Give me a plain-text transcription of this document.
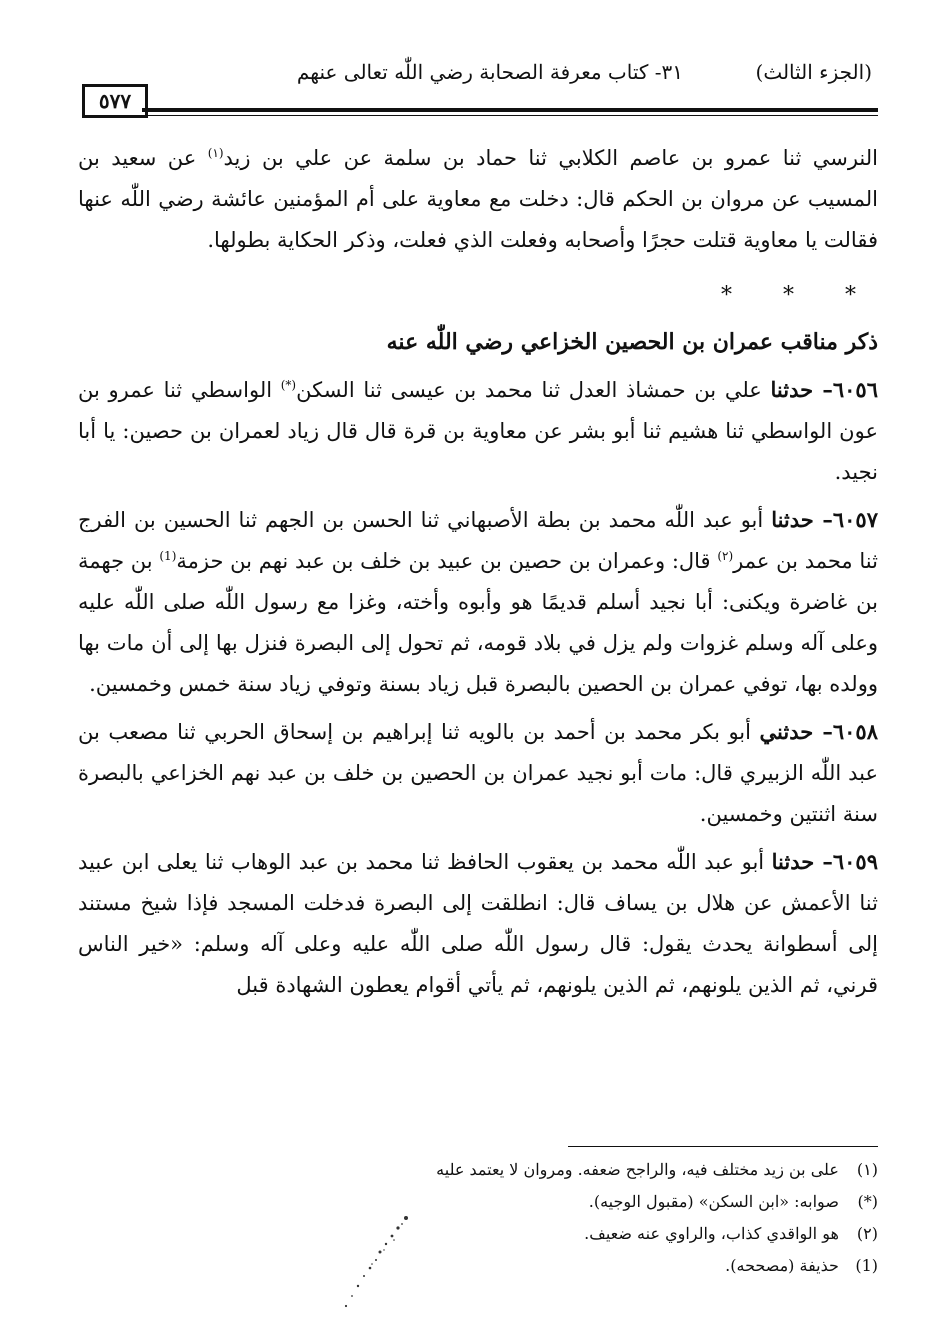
(الجزء الثالث)
٣١- كتاب معرفة الصحابة رضي اللّٰه تعالى عنهم
٥٧٧

النرسي ثنا عمرو بن عاصم الكلابي ثنا حماد بن سلمة عن علي بن زيد$^{(١)}$ عن سعيد بن المسيب عن مروان بن الحكم قال: دخلت مع معاوية على أم المؤمنين عائشة رضي اللّٰه عنها فقالت يا معاوية قتلت حجرًا وأصحابه وفعلت الذي فعلت، وذكر الحكاية بطولها.

* * *
ذكر مناقب عمران بن الحصين الخزاعي رضي اللّٰه عنه

٦٠٥٦– حدثنا علي بن حمشاذ العدل ثنا محمد بن عيسى ثنا السكن(*) الواسطي ثنا عمرو بن عون الواسطي ثنا هشيم ثنا أبو بشر عن معاوية بن قرة قال قال زياد لعمران بن حصين: يا أبا نجيد.

٦٠٥٧– حدثنا أبو عبد اللّٰه محمد بن بطة الأصبهاني ثنا الحسن بن الجهم ثنا الحسين بن الفرج ثنا محمد بن عمر$^{(٢)}$ قال: وعمران بن حصين بن عبيد بن خلف بن عبد نهم بن حزمة$^{(1)}$ بن جهمة بن غاضرة ويكنى: أبا نجيد أسلم قديمًا هو وأبوه وأخته، وغزا مع رسول اللّٰه صلى اللّٰه عليه وعلى آله وسلم غزوات ولم يزل في بلاد قومه، ثم تحول إلى البصرة فنزل بها إلى أن مات بها وولده بها، توفي عمران بن الحصين بالبصرة قبل زياد بسنة وتوفي زياد سنة خمس وخمسين.

٦٠٥٨– حدثني أبو بكر محمد بن أحمد بن بالويه ثنا إبراهيم بن إسحاق الحربي ثنا مصعب بن عبد اللّٰه الزبيري قال: مات أبو نجيد عمران بن الحصين بن خلف بن عبد نهم الخزاعي بالبصرة سنة اثنتين وخمسين.

٦٠٥٩– حدثنا أبو عبد اللّٰه محمد بن يعقوب الحافظ ثنا محمد بن عبد الوهاب ثنا يعلى ابن عبيد ثنا الأعمش عن هلال بن يساف قال: انطلقت إلى البصرة فدخلت المسجد فإذا شيخ مستند إلى أسطوانة يحدث يقول: قال رسول اللّٰه صلى اللّٰه عليه وعلى آله وسلم: «خير الناس قرني، ثم الذين يلونهم، ثم الذين يلونهم، ثم يأتي أقوام يعطون الشهادة قبل

(١) على بن زيد مختلف فيه، والراجح ضعفه. ومروان لا يعتمد عليه
(*) صوابه: «ابن السكن» (مقبول الوجيه).
(٢) هو الواقدي كذاب، والراوي عنه ضعيف.
(1) حذيفة (مصححه).
